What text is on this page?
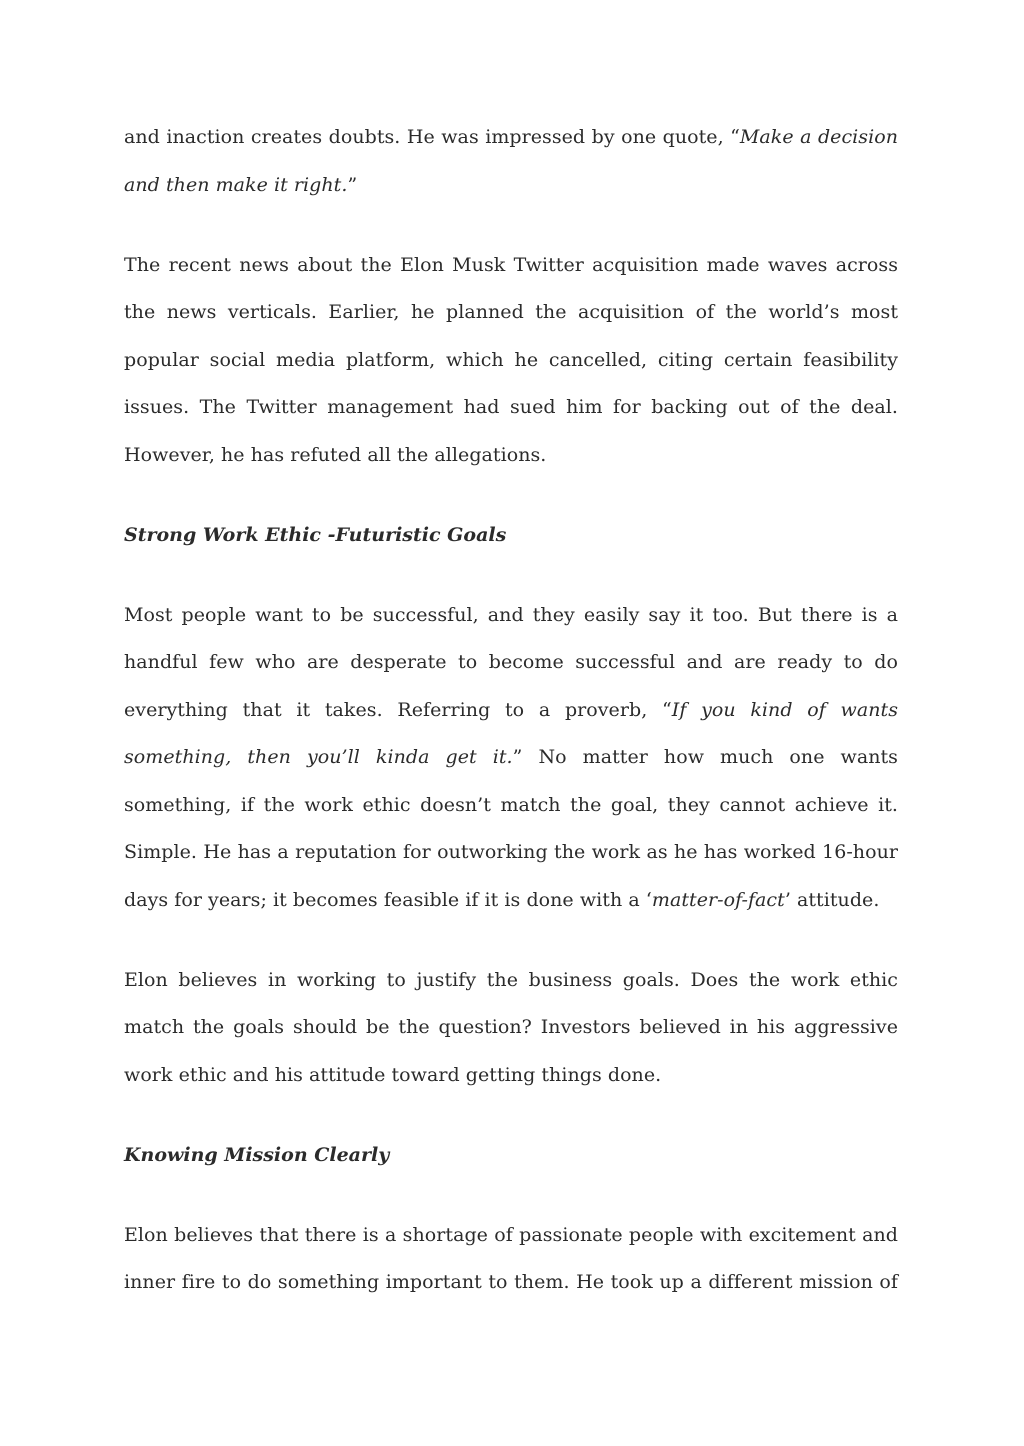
and inaction creates doubts. He was impressed by one quote, “Make a decision and then make it right.”

The recent news about the Elon Musk Twitter acquisition made waves across the news verticals. Earlier, he planned the acquisition of the world’s most popular social media platform, which he cancelled, citing certain feasibility issues. The Twitter management had sued him for backing out of the deal. However, he has refuted all the allegations.

Strong Work Ethic -Futuristic Goals

Most people want to be successful, and they easily say it too. But there is a handful few who are desperate to become successful and are ready to do everything that it takes. Referring to a proverb, “If you kind of wants something, then you’ll kinda get it.” No matter how much one wants something, if the work ethic doesn’t match the goal, they cannot achieve it. Simple. He has a reputation for outworking the work as he has worked 16-hour days for years; it becomes feasible if it is done with a ‘matter-of-fact’ attitude.

Elon believes in working to justify the business goals. Does the work ethic match the goals should be the question? Investors believed in his aggressive work ethic and his attitude toward getting things done.

Knowing Mission Clearly

Elon believes that there is a shortage of passionate people with excitement and inner fire to do something important to them. He took up a different mission of
